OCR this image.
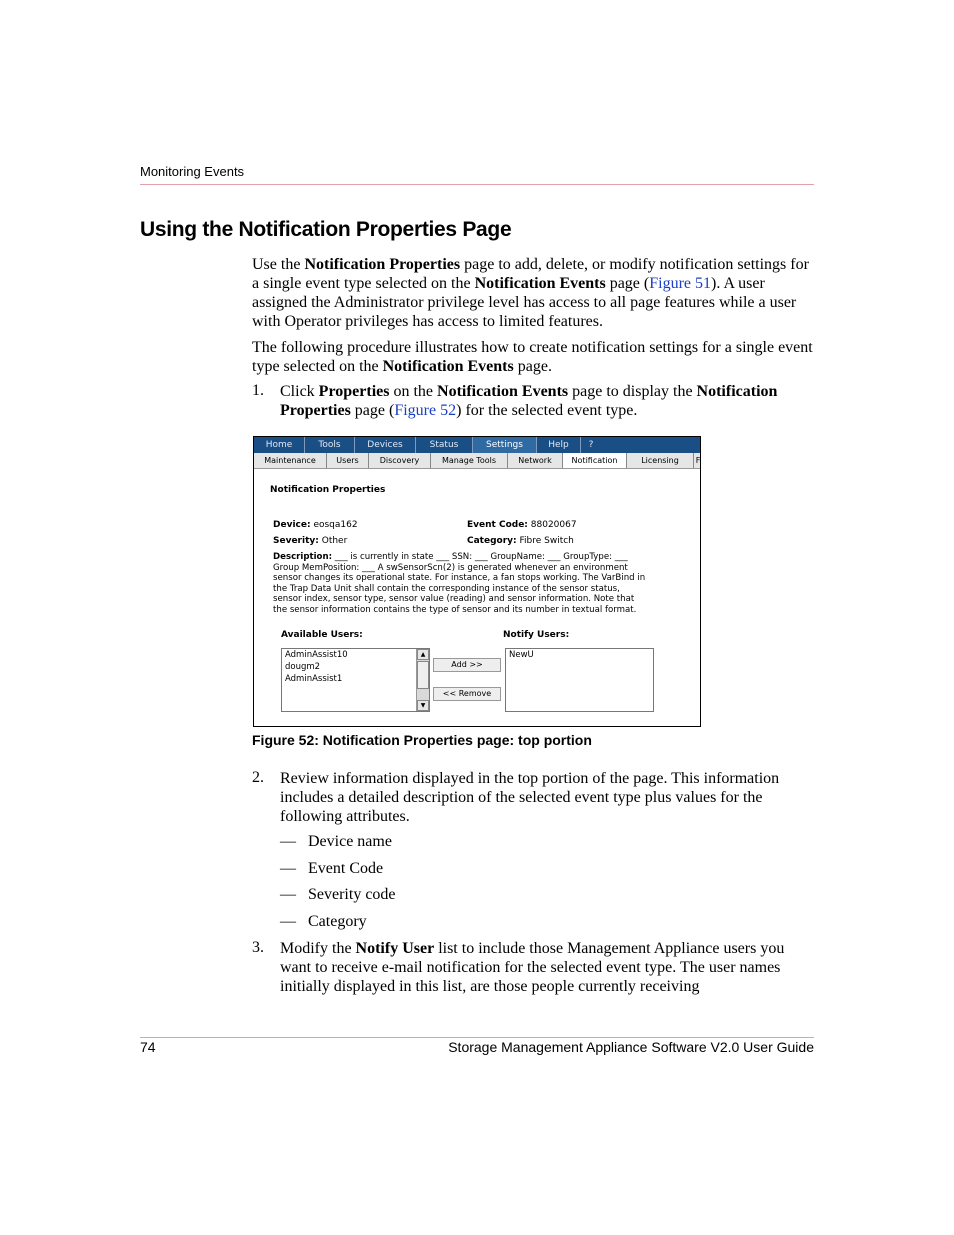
Monitoring Events
Using the Notification Properties Page
Use the Notification Properties page to add, delete, or modify notification settings for a single event type selected on the Notification Events page (Figure 51). A user assigned the Administrator privilege level has access to all page features while a user with Operator privileges has access to limited features.
The following procedure illustrates how to create notification settings for a single event type selected on the Notification Events page.
1. Click Properties on the Notification Events page to display the Notification Properties page (Figure 52) for the selected event type.
Home	Tools	Devices	Status	Settings	Help	?
Maintenance	Users	Discovery	Manage Tools	Network	Notification	Licensing	F
Notification Properties
Device: eosqa162
Severity: Other
Event Code: 88020067
Category: Fibre Switch
Description: ___ is currently in state ___ SSN: ___ GroupName: ___ GroupType: ___
Group MemPosition: ___ A swSensorScn(2) is generated whenever an environment
sensor changes its operational state. For instance, a fan stops working. The VarBind in
the Trap Data Unit shall contain the corresponding instance of the sensor status,
sensor index, sensor type, sensor value (reading) and sensor information. Note that
the sensor information contains the type of sensor and its number in textual format.
Available Users:	Notify Users:
AdminAssist10
dougm2
AdminAssist1
▲
▼
Add >>
<< Remove
NewU
Figure 52: Notification Properties page: top portion
2. Review information displayed in the top portion of the page. This information includes a detailed description of the selected event type plus values for the following attributes.
— Device name
— Event Code
— Severity code
— Category
3. Modify the Notify User list to include those Management Appliance users you want to receive e-mail notification for the selected event type. The user names initially displayed in this list, are those people currently receiving
74	Storage Management Appliance Software V2.0 User Guide
